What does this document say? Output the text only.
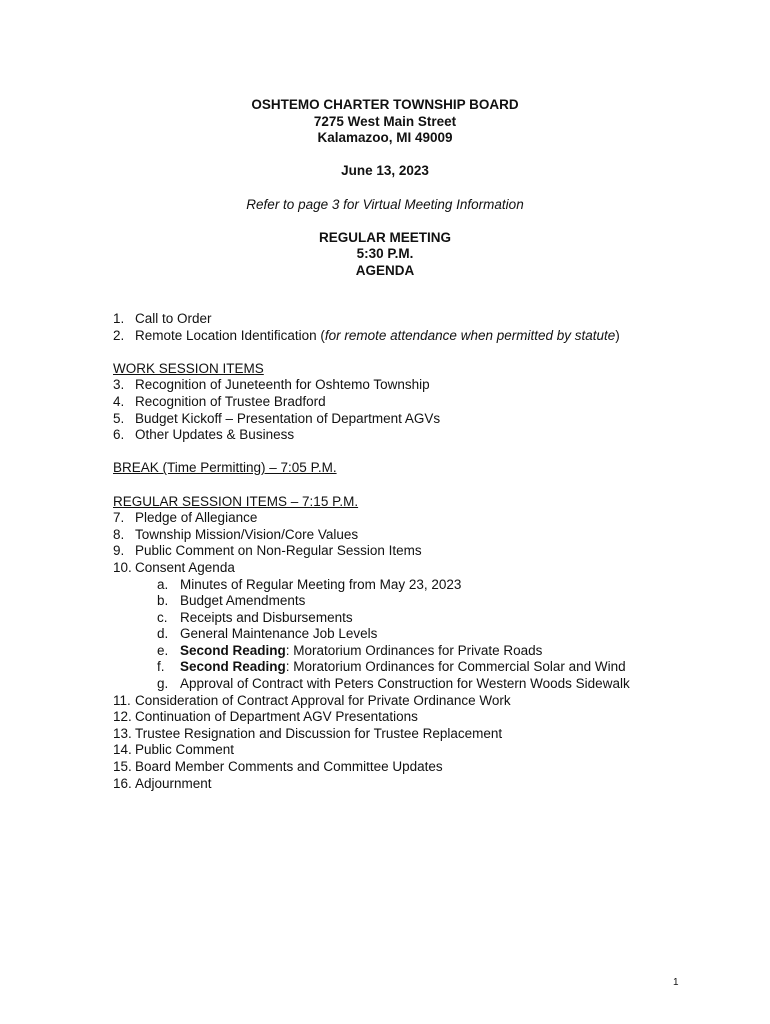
OSHTEMO CHARTER TOWNSHIP BOARD
7275 West Main Street
Kalamazoo, MI 49009
June 13, 2023
Refer to page 3 for Virtual Meeting Information
REGULAR MEETING
5:30 P.M.
AGENDA
1. Call to Order
2. Remote Location Identification (for remote attendance when permitted by statute)
WORK SESSION ITEMS
3. Recognition of Juneteenth for Oshtemo Township
4. Recognition of Trustee Bradford
5. Budget Kickoff – Presentation of Department AGVs
6. Other Updates & Business
BREAK (Time Permitting) – 7:05 P.M.
REGULAR SESSION ITEMS – 7:15 P.M.
7. Pledge of Allegiance
8. Township Mission/Vision/Core Values
9. Public Comment on Non-Regular Session Items
10. Consent Agenda
a. Minutes of Regular Meeting from May 23, 2023
b. Budget Amendments
c. Receipts and Disbursements
d. General Maintenance Job Levels
e. Second Reading: Moratorium Ordinances for Private Roads
f. Second Reading: Moratorium Ordinances for Commercial Solar and Wind
g. Approval of Contract with Peters Construction for Western Woods Sidewalk
11. Consideration of Contract Approval for Private Ordinance Work
12. Continuation of Department AGV Presentations
13. Trustee Resignation and Discussion for Trustee Replacement
14. Public Comment
15. Board Member Comments and Committee Updates
16. Adjournment
1
